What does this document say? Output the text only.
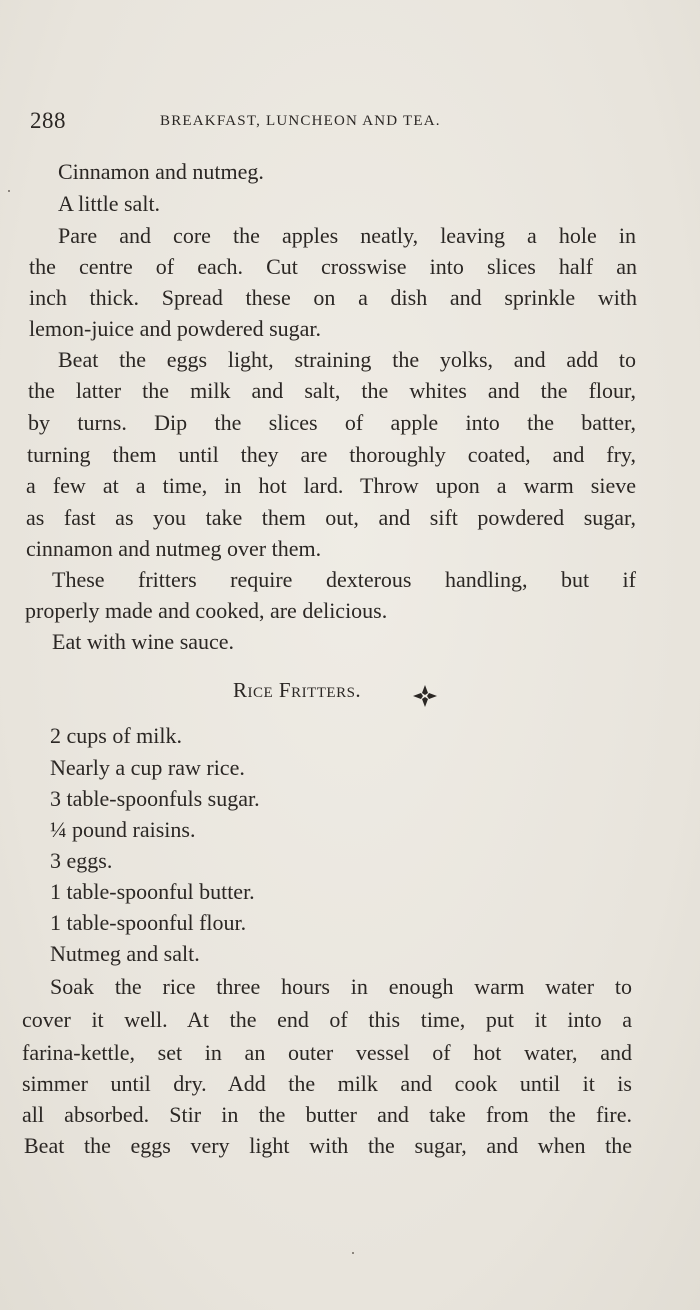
288	BREAKFAST, LUNCHEON AND TEA.
Cinnamon and nutmeg.
A little salt.
Pare and core the apples neatly, leaving a hole in
the centre of each. Cut crosswise into slices half an
inch thick. Spread these on a dish and sprinkle with
lemon-juice and powdered sugar.
Beat the eggs light, straining the yolks, and add to
the latter the milk and salt, the whites and the flour,
by turns. Dip the slices of apple into the batter,
turning them until they are thoroughly coated, and fry,
a few at a time, in hot lard. Throw upon a warm sieve
as fast as you take them out, and sift powdered sugar,
cinnamon and nutmeg over them.
These fritters require dexterous handling, but if
properly made and cooked, are delicious.
Eat with wine sauce.
Rice Fritters.
2 cups of milk.
Nearly a cup raw rice.
3 table-spoonfuls sugar.
¼ pound raisins.
3 eggs.
1 table-spoonful butter.
1 table-spoonful flour.
Nutmeg and salt.
Soak the rice three hours in enough warm water to
cover it well. At the end of this time, put it into a
farina-kettle, set in an outer vessel of hot water, and
simmer until dry. Add the milk and cook until it is
all absorbed. Stir in the butter and take from the fire.
Beat the eggs very light with the sugar, and when the
